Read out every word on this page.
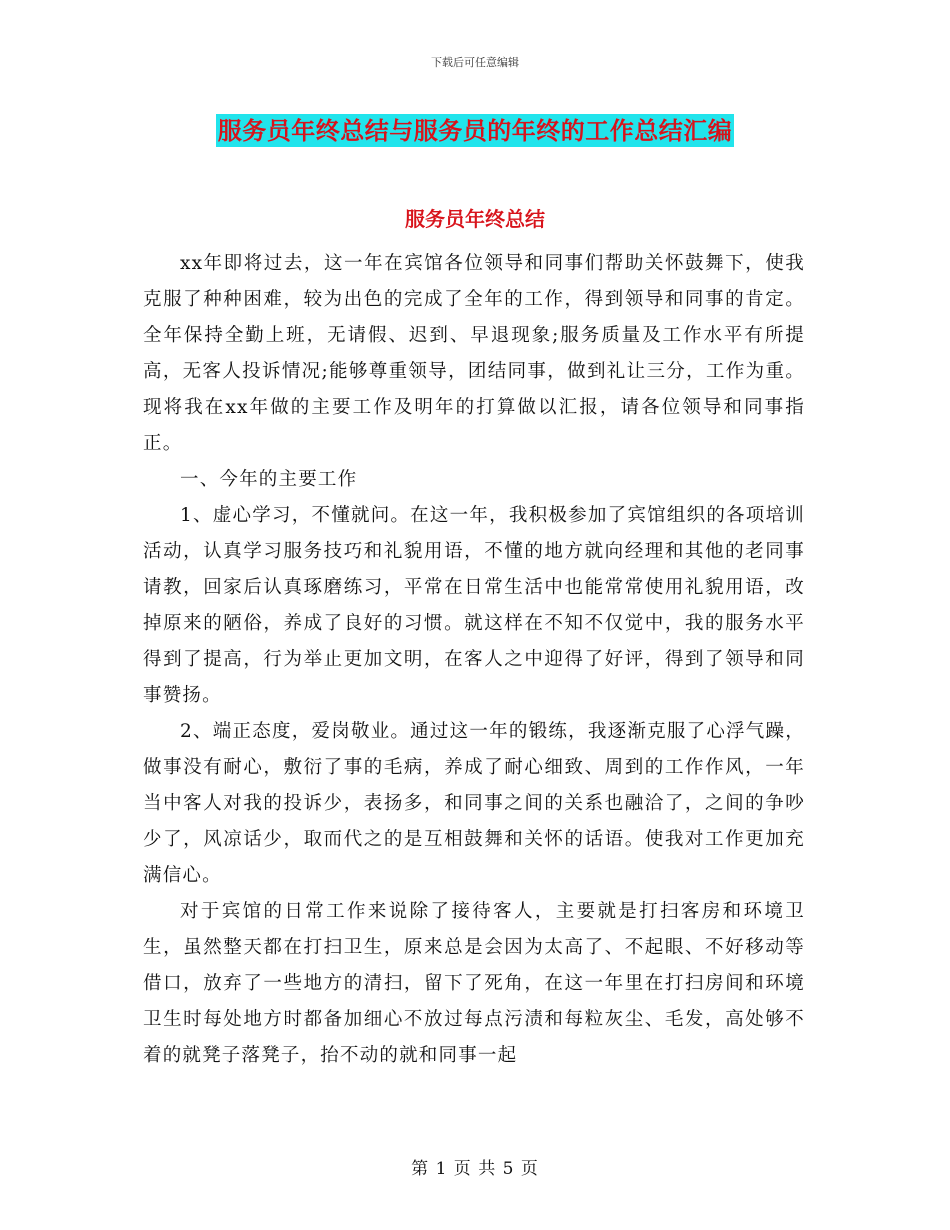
下载后可任意编辑
服务员年终总结与服务员的年终的工作总结汇编
服务员年终总结

xx年即将过去，这一年在宾馆各位领导和同事们帮助关怀鼓舞下，使我克服了种种困难，较为出色的完成了全年的工作，得到领导和同事的肯定。全年保持全勤上班，无请假、迟到、早退现象;服务质量及工作水平有所提高，无客人投诉情况;能够尊重领导，团结同事，做到礼让三分，工作为重。现将我在xx年做的主要工作及明年的打算做以汇报，请各位领导和同事指正。

一、今年的主要工作

1、虚心学习，不懂就问。在这一年，我积极参加了宾馆组织的各项培训活动，认真学习服务技巧和礼貌用语，不懂的地方就向经理和其他的老同事请教，回家后认真琢磨练习，平常在日常生活中也能常常使用礼貌用语，改掉原来的陋俗，养成了良好的习惯。就这样在不知不仅觉中，我的服务水平得到了提高，行为举止更加文明，在客人之中迎得了好评，得到了领导和同事赞扬。

2、端正态度，爱岗敬业。通过这一年的锻练，我逐渐克服了心浮气躁，做事没有耐心，敷衍了事的毛病，养成了耐心细致、周到的工作作风，一年当中客人对我的投诉少，表扬多，和同事之间的关系也融洽了，之间的争吵少了，风凉话少，取而代之的是互相鼓舞和关怀的话语。使我对工作更加充满信心。

对于宾馆的日常工作来说除了接待客人，主要就是打扫客房和环境卫生，虽然整天都在打扫卫生，原来总是会因为太高了、不起眼、不好移动等借口，放弃了一些地方的清扫，留下了死角，在这一年里在打扫房间和环境卫生时每处地方时都备加细心不放过每点污渍和每粒灰尘、毛发，高处够不着的就凳子落凳子，抬不动的就和同事一起

第 1 页 共 5 页
